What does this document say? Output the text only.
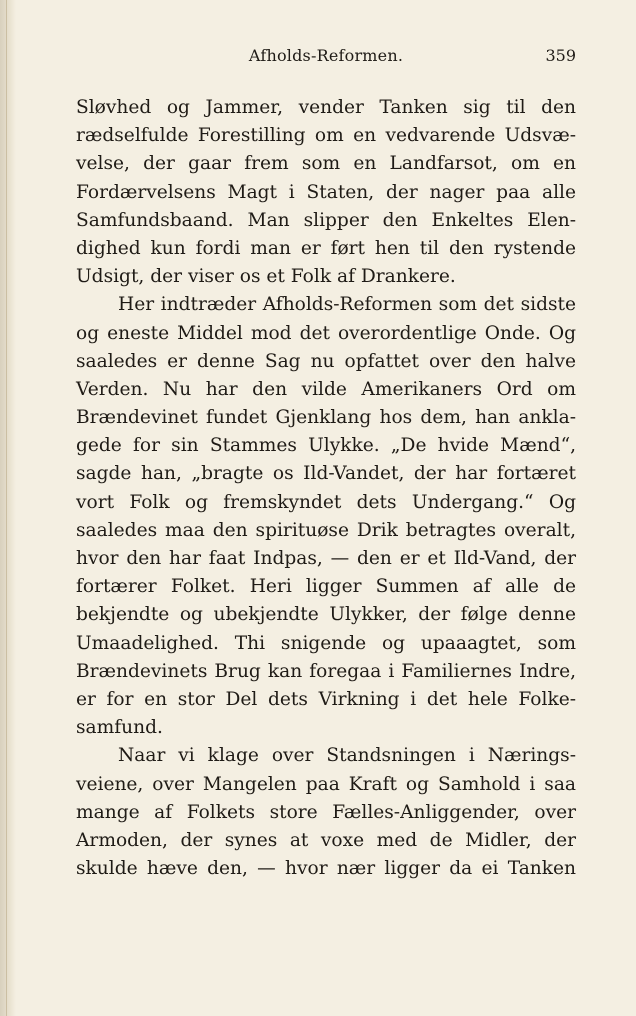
Afholds-Reformen.	359
Sløvhed og Jammer, vender Tanken sig til den
rædselfulde Forestilling om en vedvarende Udsvæ-
velse, der gaar frem som en Landfarsot, om en
Fordærvelsens Magt i Staten, der nager paa alle
Samfundsbaand. Man slipper den Enkeltes Elen-
dighed kun fordi man er ført hen til den rystende
Udsigt, der viser os et Folk af Drankere.
Her indtræder Afholds-Reformen som det sidste
og eneste Middel mod det overordentlige Onde. Og
saaledes er denne Sag nu opfattet over den halve
Verden. Nu har den vilde Amerikaners Ord om
Brændevinet fundet Gjenklang hos dem, han ankla-
gede for sin Stammes Ulykke. „De hvide Mænd“,
sagde han, „bragte os Ild-Vandet, der har fortæret
vort Folk og fremskyndet dets Undergang.“ Og
saaledes maa den spirituøse Drik betragtes overalt,
hvor den har faat Indpas, — den er et Ild-Vand, der
fortærer Folket. Heri ligger Summen af alle de
bekjendte og ubekjendte Ulykker, der følge denne
Umaadelighed. Thi snigende og upaaagtet, som
Brændevinets Brug kan foregaa i Familiernes Indre,
er for en stor Del dets Virkning i det hele Folke-
samfund.
Naar vi klage over Standsningen i Nærings-
veiene, over Mangelen paa Kraft og Samhold i saa
mange af Folkets store Fælles-Anliggender, over
Armoden, der synes at voxe med de Midler, der
skulde hæve den, — hvor nær ligger da ei Tanken
